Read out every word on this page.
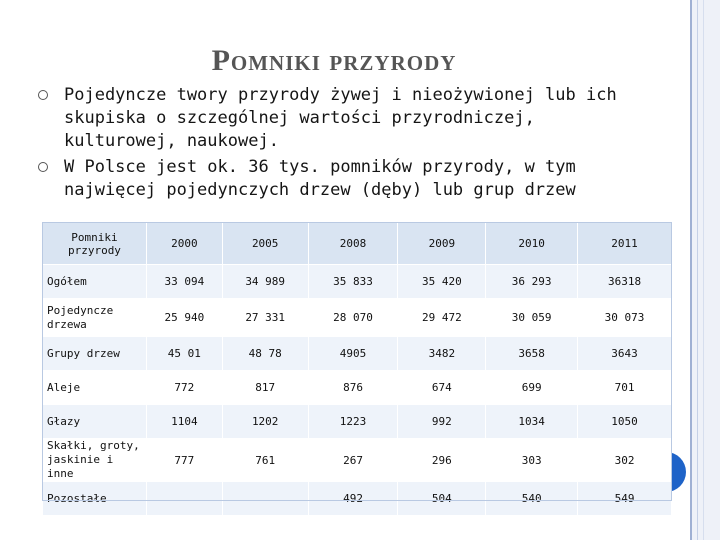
Pomniki przyrody
Pojedyncze twory przyrody żywej i nieożywionej lub ich skupiska o szczególnej wartości przyrodniczej, kulturowej, naukowej.
W Polsce jest ok. 36 tys. pomników przyrody, w tym najwięcej pojedynczych drzew (dęby) lub grup drzew
Pomniki przyrody	2000	2005	2008	2009	2010	2011
Ogółem	33 094	34 989	35 833	35 420	36 293	36318
Pojedyncze drzewa	25 940	27 331	28 070	29 472	30 059	30 073
Grupy drzew	45 01	48 78	4905	3482	3658	3643
Aleje	772	817	876	674	699	701
Głazy	1104	1202	1223	992	1034	1050
Skałki, groty, jaskinie i inne	777	761	267	296	303	302
Pozostałe			492	504	540	549
